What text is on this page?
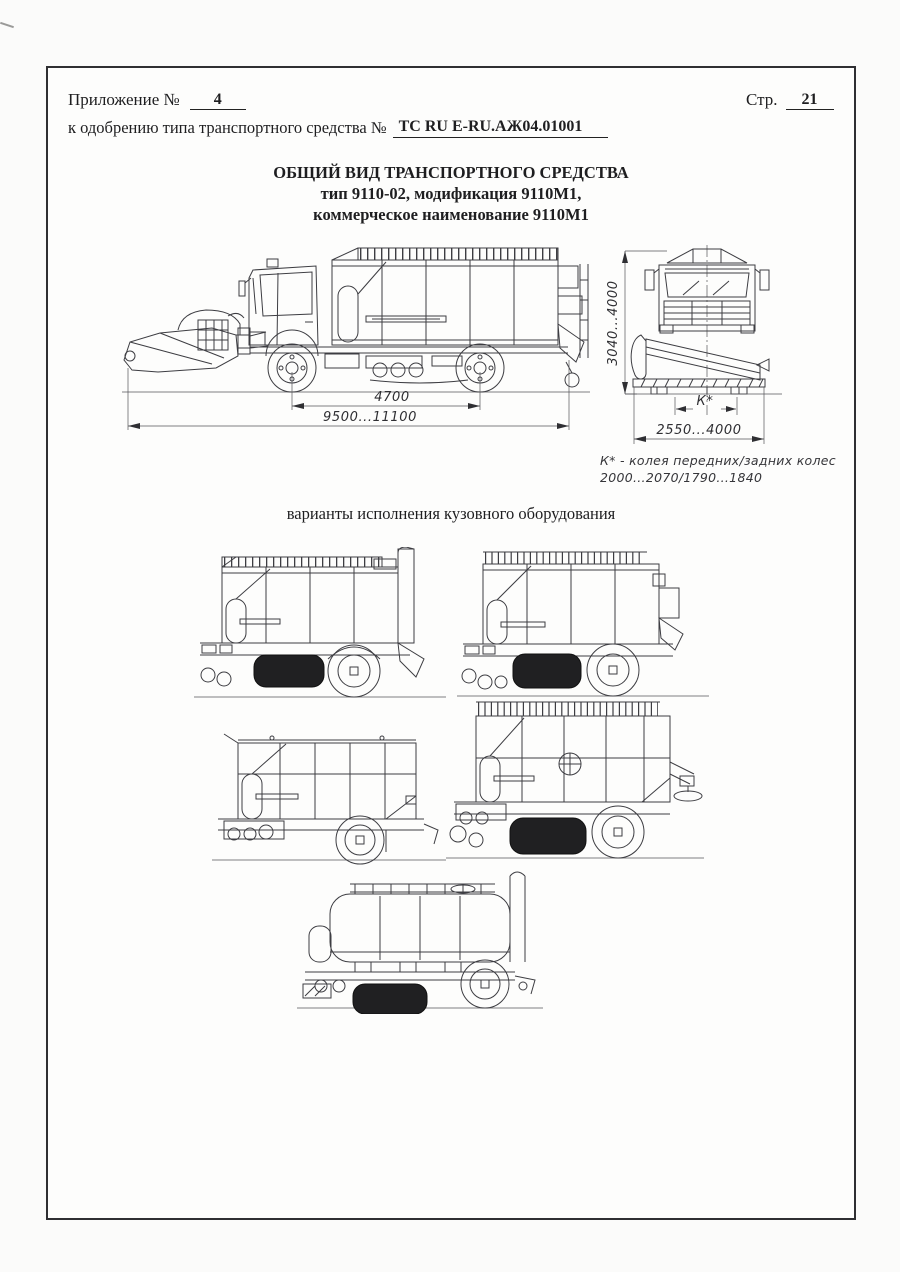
Приложение №	4	Стр.	21
к одобрению типа транспортного средства № ТС RU E-RU.АЖ04.01001
ОБЩИЙ ВИД ТРАНСПОРТНОГО СРЕДСТВА
тип 9110-02, модификация 9110М1,
коммерческое наименование 9110М1
4700
9500...11100
3040...4000
К*
2550...4000
К* - колея передних/задних колес
2000...2070/1790...1840
варианты исполнения кузовного оборудования
